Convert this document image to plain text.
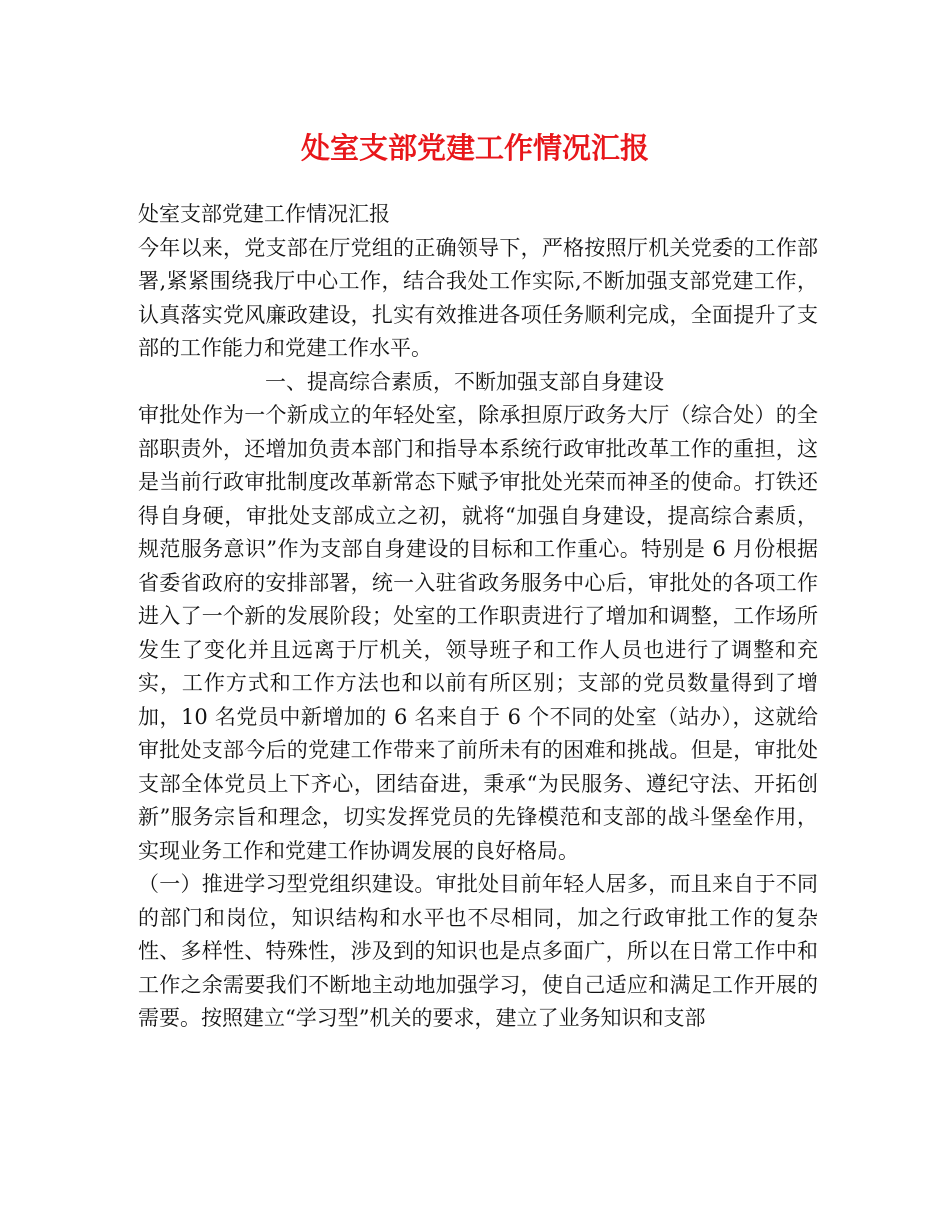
处室支部党建工作情况汇报

处室支部党建工作情况汇报

今年以来，党支部在厅党组的正确领导下，严格按照厅机关党委的工作部署,紧紧围绕我厅中心工作，结合我处工作实际,不断加强支部党建工作，认真落实党风廉政建设，扎实有效推进各项任务顺利完成，全面提升了支部的工作能力和党建工作水平。

一、提高综合素质，不断加强支部自身建设

审批处作为一个新成立的年轻处室，除承担原厅政务大厅（综合处）的全部职责外，还增加负责本部门和指导本系统行政审批改革工作的重担，这是当前行政审批制度改革新常态下赋予审批处光荣而神圣的使命。打铁还得自身硬，审批处支部成立之初，就将“加强自身建设，提高综合素质，规范服务意识”作为支部自身建设的目标和工作重心。特别是 6 月份根据省委省政府的安排部署，统一入驻省政务服务中心后，审批处的各项工作进入了一个新的发展阶段；处室的工作职责进行了增加和调整，工作场所发生了变化并且远离于厅机关，领导班子和工作人员也进行了调整和充实，工作方式和工作方法也和以前有所区别；支部的党员数量得到了增加，10 名党员中新增加的 6 名来自于 6 个不同的处室（站办），这就给审批处支部今后的党建工作带来了前所未有的困难和挑战。但是，审批处支部全体党员上下齐心，团结奋进，秉承“为民服务、遵纪守法、开拓创新”服务宗旨和理念，切实发挥党员的先锋模范和支部的战斗堡垒作用，实现业务工作和党建工作协调发展的良好格局。

（一）推进学习型党组织建设。审批处目前年轻人居多，而且来自于不同的部门和岗位，知识结构和水平也不尽相同，加之行政审批工作的复杂性、多样性、特殊性，涉及到的知识也是点多面广，所以在日常工作中和工作之余需要我们不断地主动地加强学习，使自己适应和满足工作开展的需要。按照建立“学习型”机关的要求，建立了业务知识和支部
